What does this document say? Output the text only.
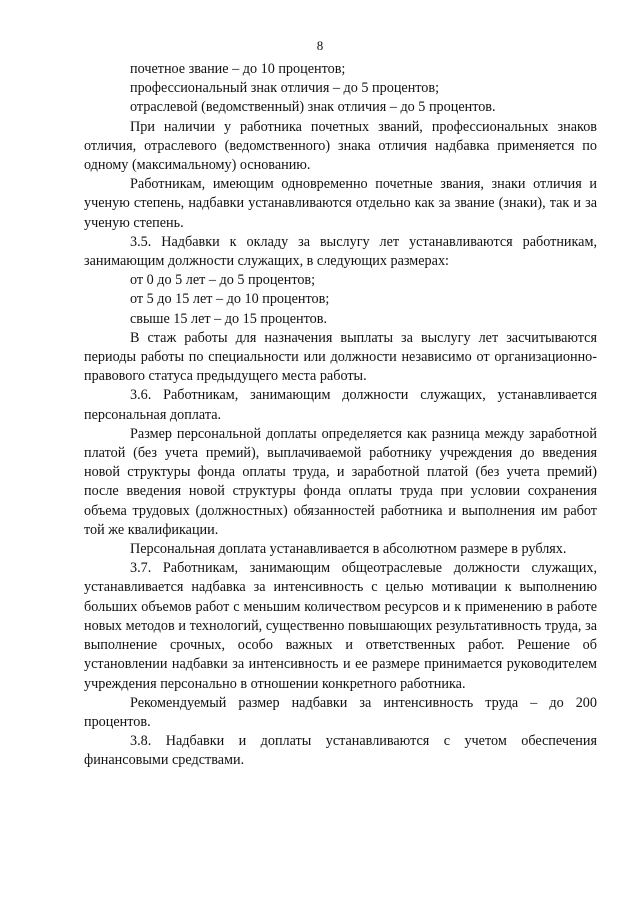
8

почетное звание – до 10 процентов;

профессиональный знак отличия – до 5 процентов;

отраслевой (ведомственный) знак отличия – до 5 процентов.

При наличии у работника почетных званий, профессиональных знаков отличия, отраслевого (ведомственного) знака отличия надбавка применяется по одному (максимальному) основанию.

Работникам, имеющим одновременно почетные звания, знаки отличия и ученую степень, надбавки устанавливаются отдельно как за звание (знаки), так и за ученую степень.

3.5. Надбавки к окладу за выслугу лет устанавливаются работникам, занимающим должности служащих, в следующих размерах:

от 0 до 5 лет – до 5 процентов;

от 5 до 15 лет – до 10 процентов;

свыше 15 лет – до 15 процентов.

В стаж работы для назначения выплаты за выслугу лет засчитываются периоды работы по специальности или должности независимо от организационно-правового статуса предыдущего места работы.

3.6. Работникам, занимающим должности служащих, устанавливается персональная доплата.

Размер персональной доплаты определяется как разница между заработной платой (без учета премий), выплачиваемой работнику учреждения до введения новой структуры фонда оплаты труда, и заработной платой (без учета премий) после введения новой структуры фонда оплаты труда при условии сохранения объема трудовых (должностных) обязанностей работника и выполнения им работ той же квалификации.

Персональная доплата устанавливается в абсолютном размере в рублях.

3.7. Работникам, занимающим общеотраслевые должности служащих, устанавливается надбавка за интенсивность с целью мотивации к выполнению больших объемов работ с меньшим количеством ресурсов и к применению в работе новых методов и технологий, существенно повышающих результативность труда, за выполнение срочных, особо важных и ответственных работ. Решение об установлении надбавки за интенсивность и ее размере принимается руководителем учреждения персонально в отношении конкретного работника.

Рекомендуемый размер надбавки за интенсивность труда – до 200 процентов.

3.8. Надбавки и доплаты устанавливаются с учетом обеспечения финансовыми средствами.
